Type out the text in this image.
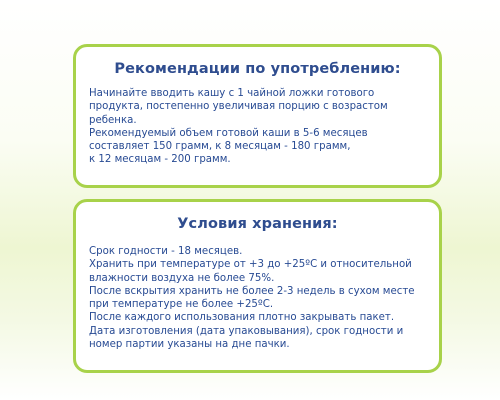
Рекомендации по употреблению:
Начинайте вводить кашу с 1 чайной ложки готового
продукта, постепенно увеличивая порцию с возрастом
ребенка.
Рекомендуемый объем готовой каши в 5-6 месяцев
составляет 150 грамм, к 8 месяцам - 180 грамм,
к 12 месяцам - 200 грамм.
Условия хранения:
Срок годности - 18 месяцев.
Хранить при температуре от +3 до +25ºС и относительной
влажности воздуха не более 75%.
После вскрытия хранить не более 2-3 недель в сухом месте
при температуре не более +25ºС.
После каждого использования плотно закрывать пакет.
Дата изготовления (дата упаковывания), срок годности и
номер партии указаны на дне пачки.
